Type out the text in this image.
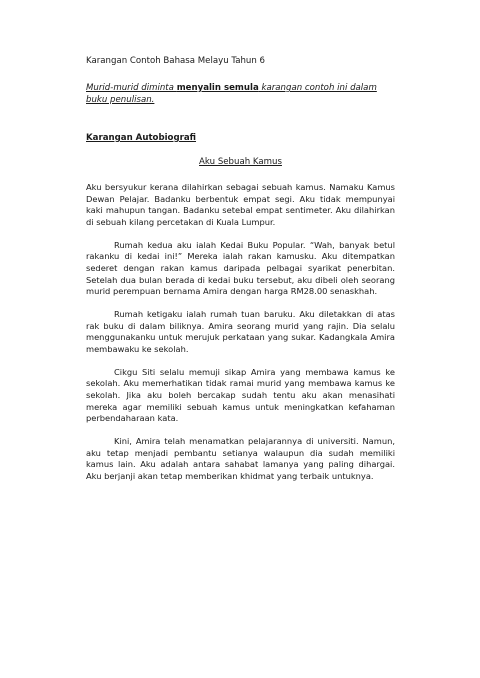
Karangan Contoh Bahasa Melayu Tahun 6
Murid-murid diminta menyalin semula karangan contoh ini dalam buku penulisan.
Karangan Autobiografi
Aku Sebuah Kamus

Aku bersyukur kerana dilahirkan sebagai sebuah kamus. Namaku Kamus Dewan Pelajar. Badanku berbentuk empat segi. Aku tidak mempunyai kaki mahupun tangan. Badanku setebal empat sentimeter. Aku dilahirkan di sebuah kilang percetakan di Kuala Lumpur.

Rumah kedua aku ialah Kedai Buku Popular. “Wah, banyak betul rakanku di kedai ini!” Mereka ialah rakan kamusku. Aku ditempatkan sederet dengan rakan kamus daripada pelbagai syarikat penerbitan. Setelah dua bulan berada di kedai buku tersebut, aku dibeli oleh seorang murid perempuan bernama Amira dengan harga RM28.00 senaskhah.

Rumah ketigaku ialah rumah tuan baruku. Aku diletakkan di atas rak buku di dalam biliknya. Amira seorang murid yang rajin. Dia selalu menggunakanku untuk merujuk perkataan yang sukar. Kadangkala Amira membawaku ke sekolah.

Cikgu Siti selalu memuji sikap Amira yang membawa kamus ke sekolah. Aku memerhatikan tidak ramai murid yang membawa kamus ke sekolah. Jika aku boleh bercakap sudah tentu aku akan menasihati mereka agar memiliki sebuah kamus untuk meningkatkan kefahaman perbendaharaan kata.

Kini, Amira telah menamatkan pelajarannya di universiti. Namun, aku tetap menjadi pembantu setianya walaupun dia sudah memiliki kamus lain. Aku adalah antara sahabat lamanya yang paling dihargai. Aku berjanji akan tetap memberikan khidmat yang terbaik untuknya.
